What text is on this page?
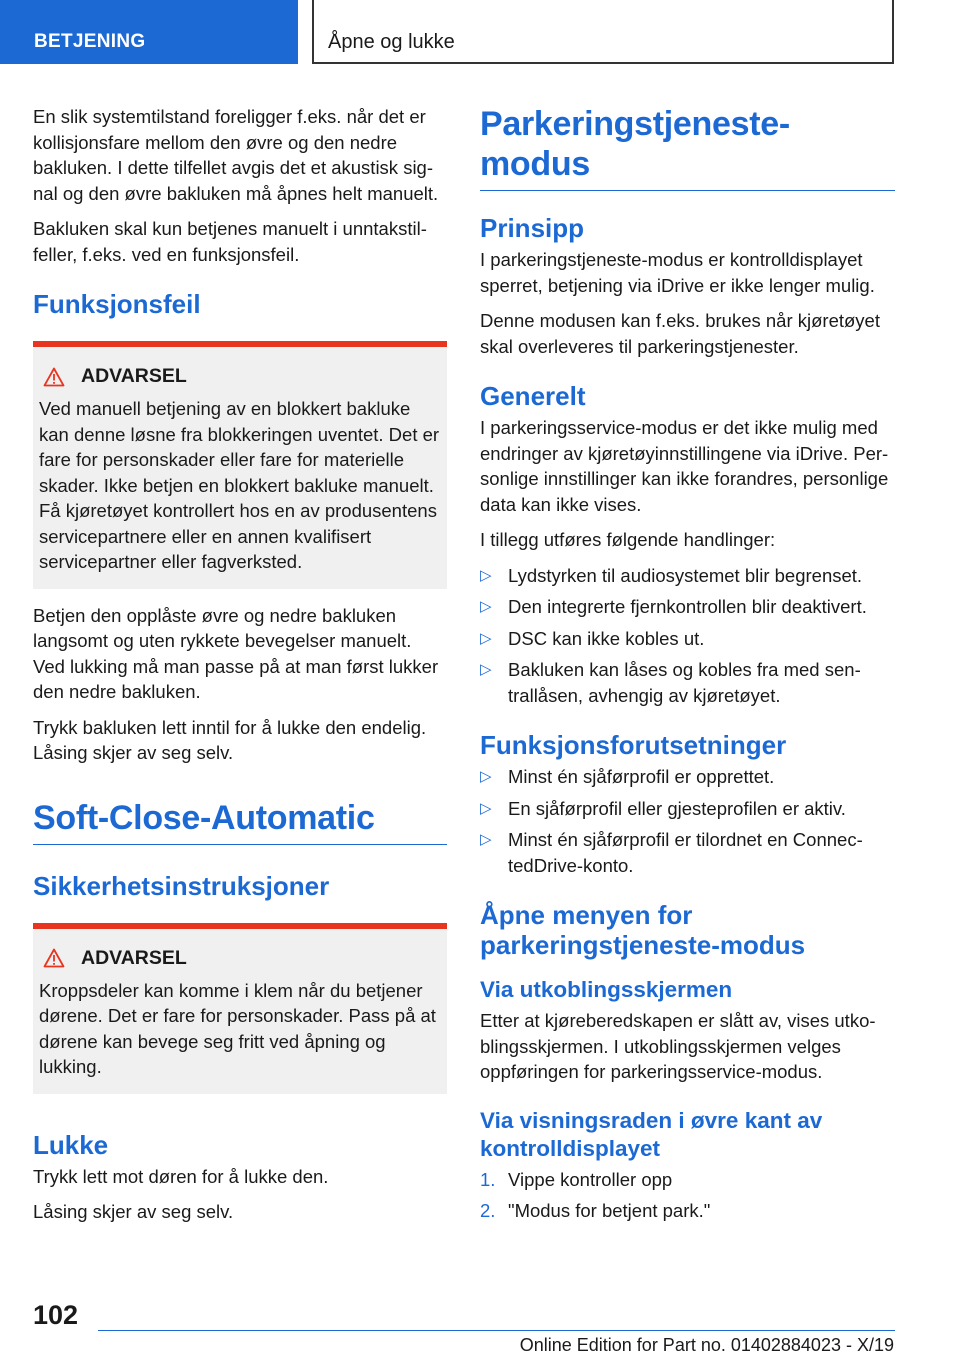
BETJENING	Åpne og lukke

En slik systemtilstand foreligger f.eks. når det er kollisjonsfare mellom den øvre og den nedre bakluken. I dette tilfellet avgis det et akustisk signal og den øvre bakluken må åpnes helt manuelt.

Bakluken skal kun betjenes manuelt i unntakstilfeller, f.eks. ved en funksjonsfeil.

Funksjonsfeil
ADVARSEL

Ved manuell betjening av en blokkert bakluke kan denne løsne fra blokkeringen uventet. Det er fare for personskader eller fare for materielle skader. Ikke betjen en blokkert bakluke manuelt. Få kjøretøyet kontrollert hos en av produsentens servicepartnere eller en annen kvalifisert servicepartner eller fagverksted.

Betjen den opplåste øvre og nedre bakluken langsomt og uten rykkete bevegelser manuelt. Ved lukking må man passe på at man først lukker den nedre bakluken.

Trykk bakluken lett inntil for å lukke den endelig. Låsing skjer av seg selv.

Soft-Close-Automatic
Sikkerhetsinstruksjoner
ADVARSEL

Kroppsdeler kan komme i klem når du betjener dørene. Det er fare for personskader. Pass på at dørene kan bevege seg fritt ved åpning og lukking.

Lukke

Trykk lett mot døren for å lukke den.

Låsing skjer av seg selv.

Parkeringstjeneste-modus
Prinsipp

I parkeringstjeneste-modus er kontrolldisplayet sperret, betjening via iDrive er ikke lenger mulig.

Denne modusen kan f.eks. brukes når kjøretøyet skal overleveres til parkeringstjenester.

Generelt

I parkeringsservice-modus er det ikke mulig med endringer av kjøretøyinnstillingene via iDrive. Personlige innstillinger kan ikke forandres, personlige data kan ikke vises.

I tillegg utføres følgende handlinger:

▷ Lydstyrken til audiosystemet blir begrenset.
▷ Den integrerte fjernkontrollen blir deaktivert.
▷ DSC kan ikke kobles ut.
▷ Bakluken kan låses og kobles fra med sentrallåsen, avhengig av kjøretøyet.
Funksjonsforutsetninger
▷ Minst én sjåførprofil er opprettet.
▷ En sjåførprofil eller gjesteprofilen er aktiv.
▷ Minst én sjåførprofil er tilordnet en ConnectedDrive-konto.
Åpne menyen for parkeringstjeneste-modus
Via utkoblingsskjermen

Etter at kjøreberedskapen er slått av, vises utkoblingsskjermen. I utkoblingsskjermen velges oppføringen for parkeringsservice-modus.

Via visningsraden i øvre kant av kontrolldisplayet
1. Vippe kontroller opp
2. "Modus for betjent park."
102
Online Edition for Part no. 01402884023 - X/19
